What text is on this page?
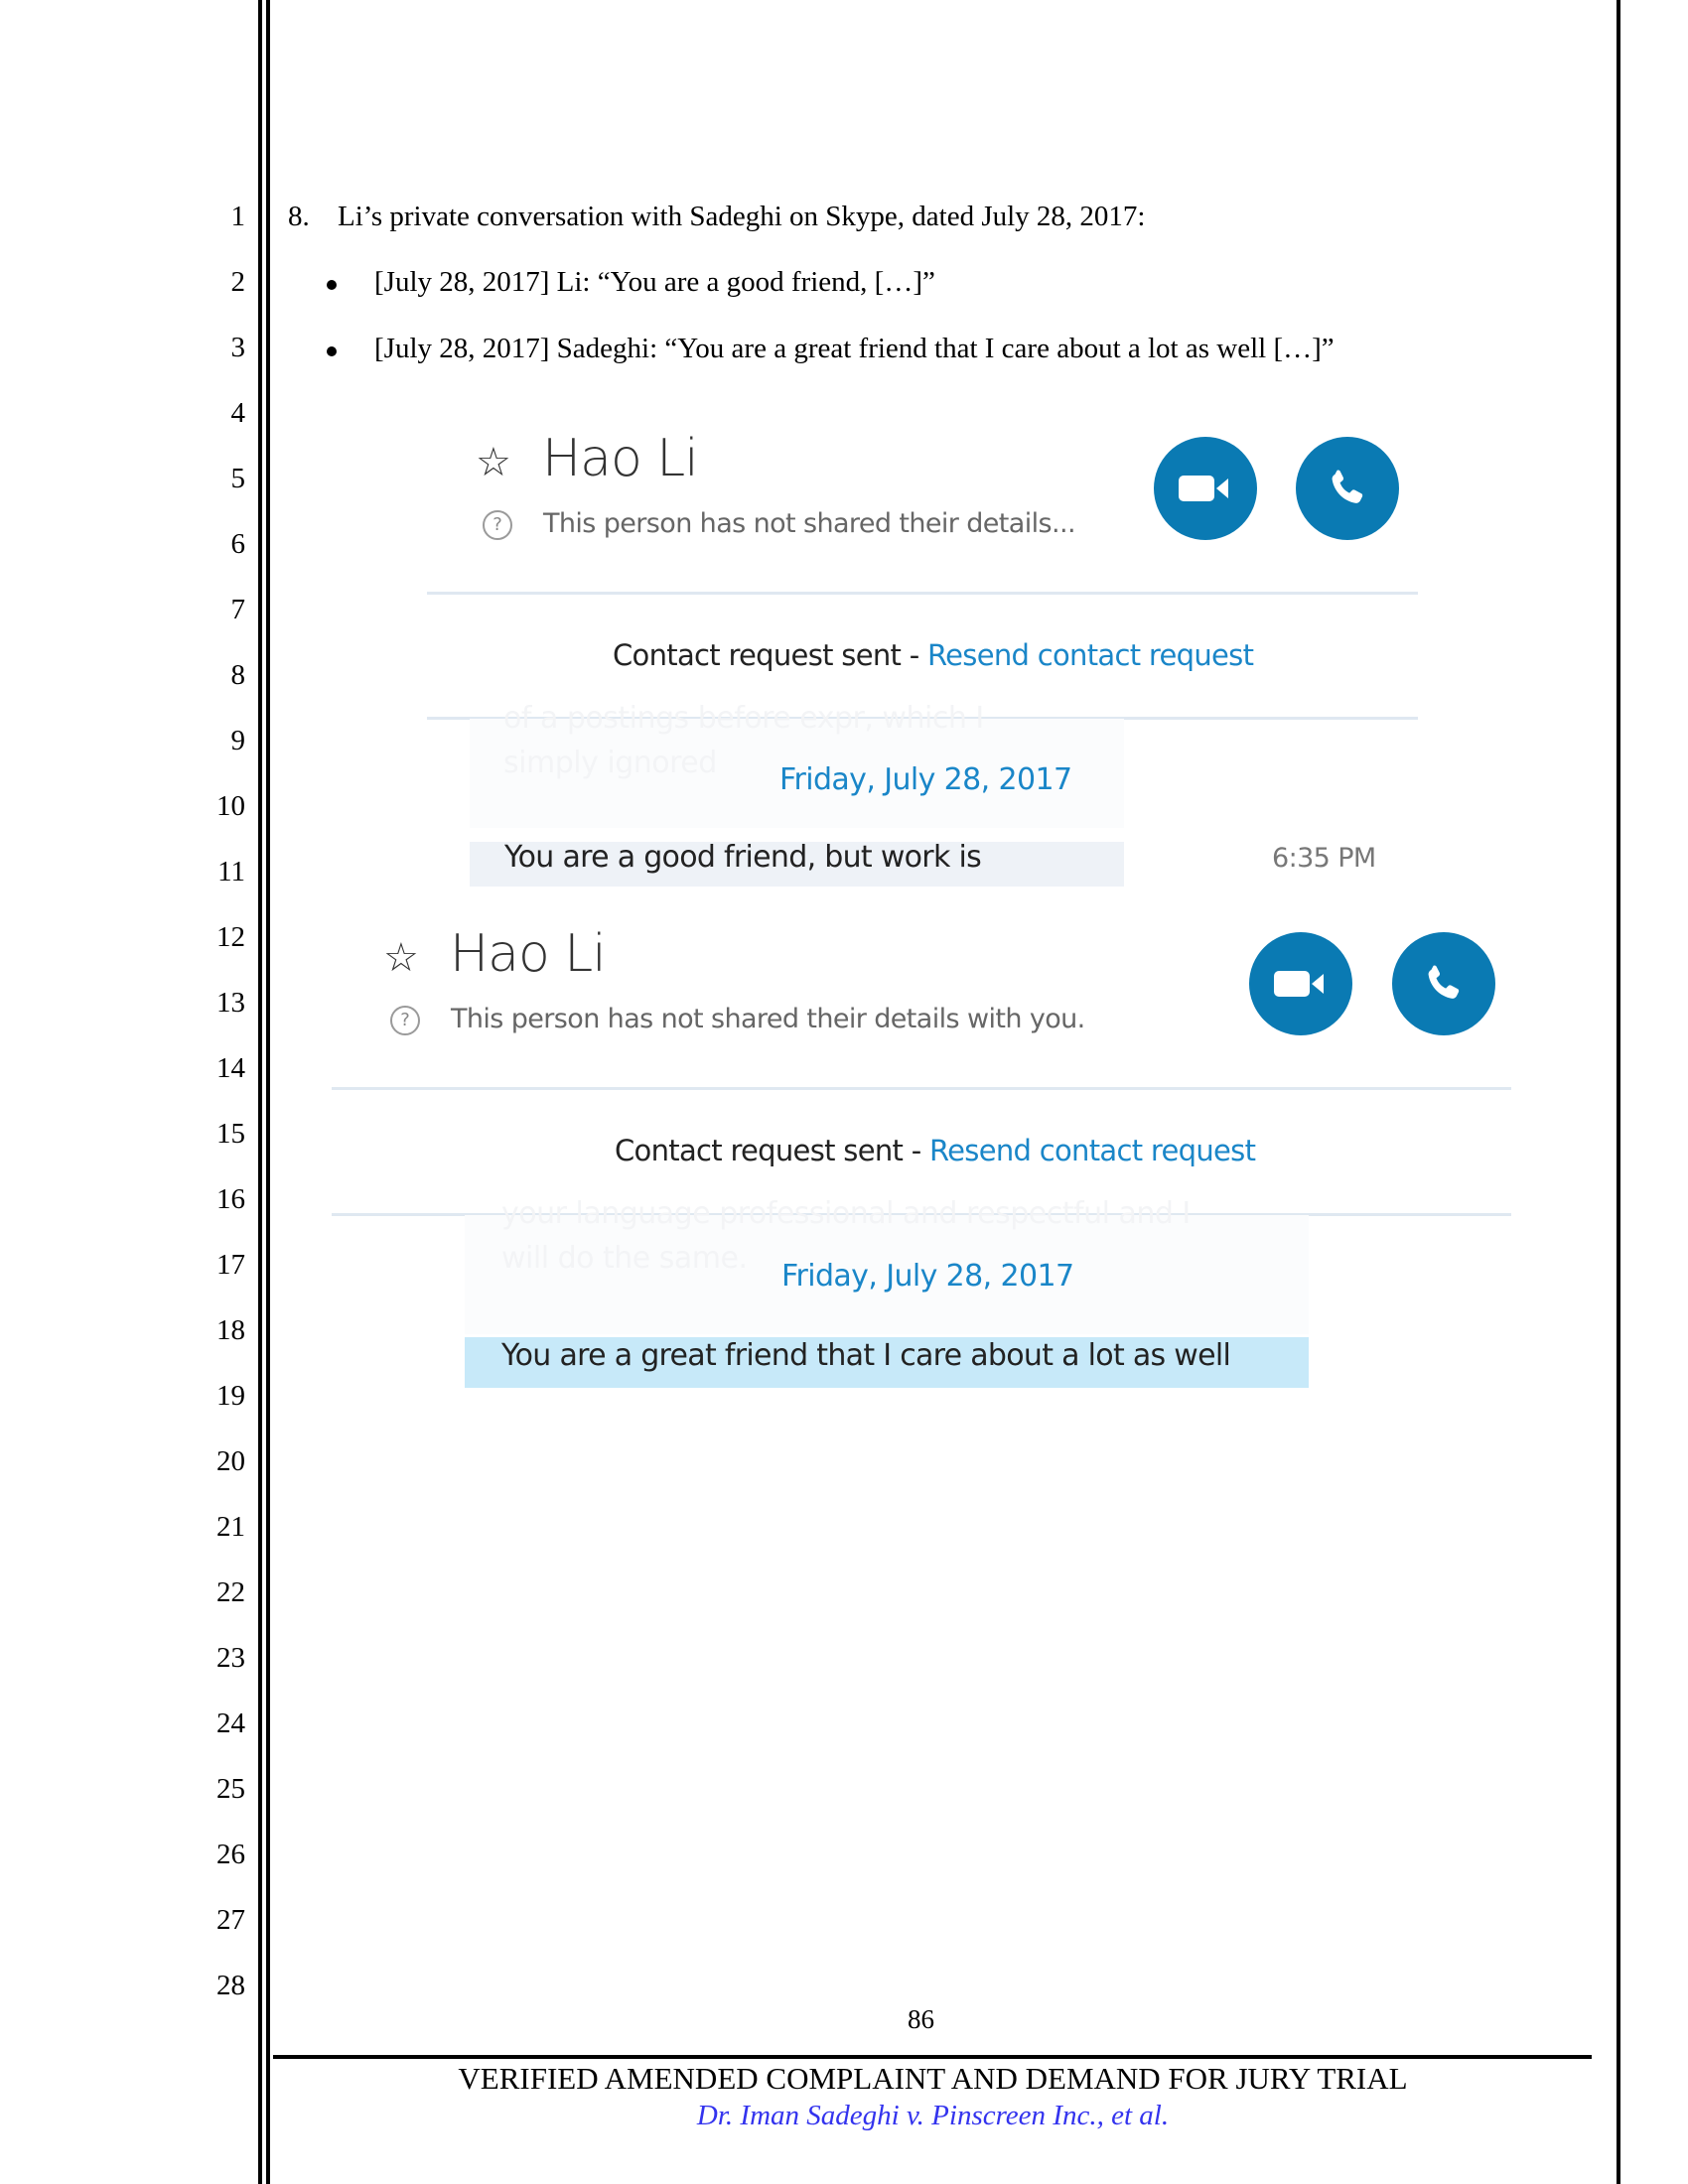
1
2
3
4
5
6
7
8
9
10
11
12
13
14
15
16
17
18
19
20
21
22
23
24
25
26
27
28
8. Li’s private conversation with Sadeghi on Skype, dated July 28, 2017:
[July 28, 2017] Li: “You are a good friend, […]”
[July 28, 2017] Sadeghi: “You are a great friend that I care about a lot as well […]”
☆ Hao Li
?	This person has not shared their details...
Contact request sent - Resend contact request
of a postings before expr, which I
simply ignored Friday, July 28, 2017
You are a good friend, but work is	6:35 PM
☆ Hao Li
?	This person has not shared their details with you.
Contact request sent - Resend contact request
your language professional and respectful and I
will do the same.
Friday, July 28, 2017
You are a great friend that I care about a lot as well
86
VERIFIED AMENDED COMPLAINT AND DEMAND FOR JURY TRIAL
Dr. Iman Sadeghi v. Pinscreen Inc., et al.
